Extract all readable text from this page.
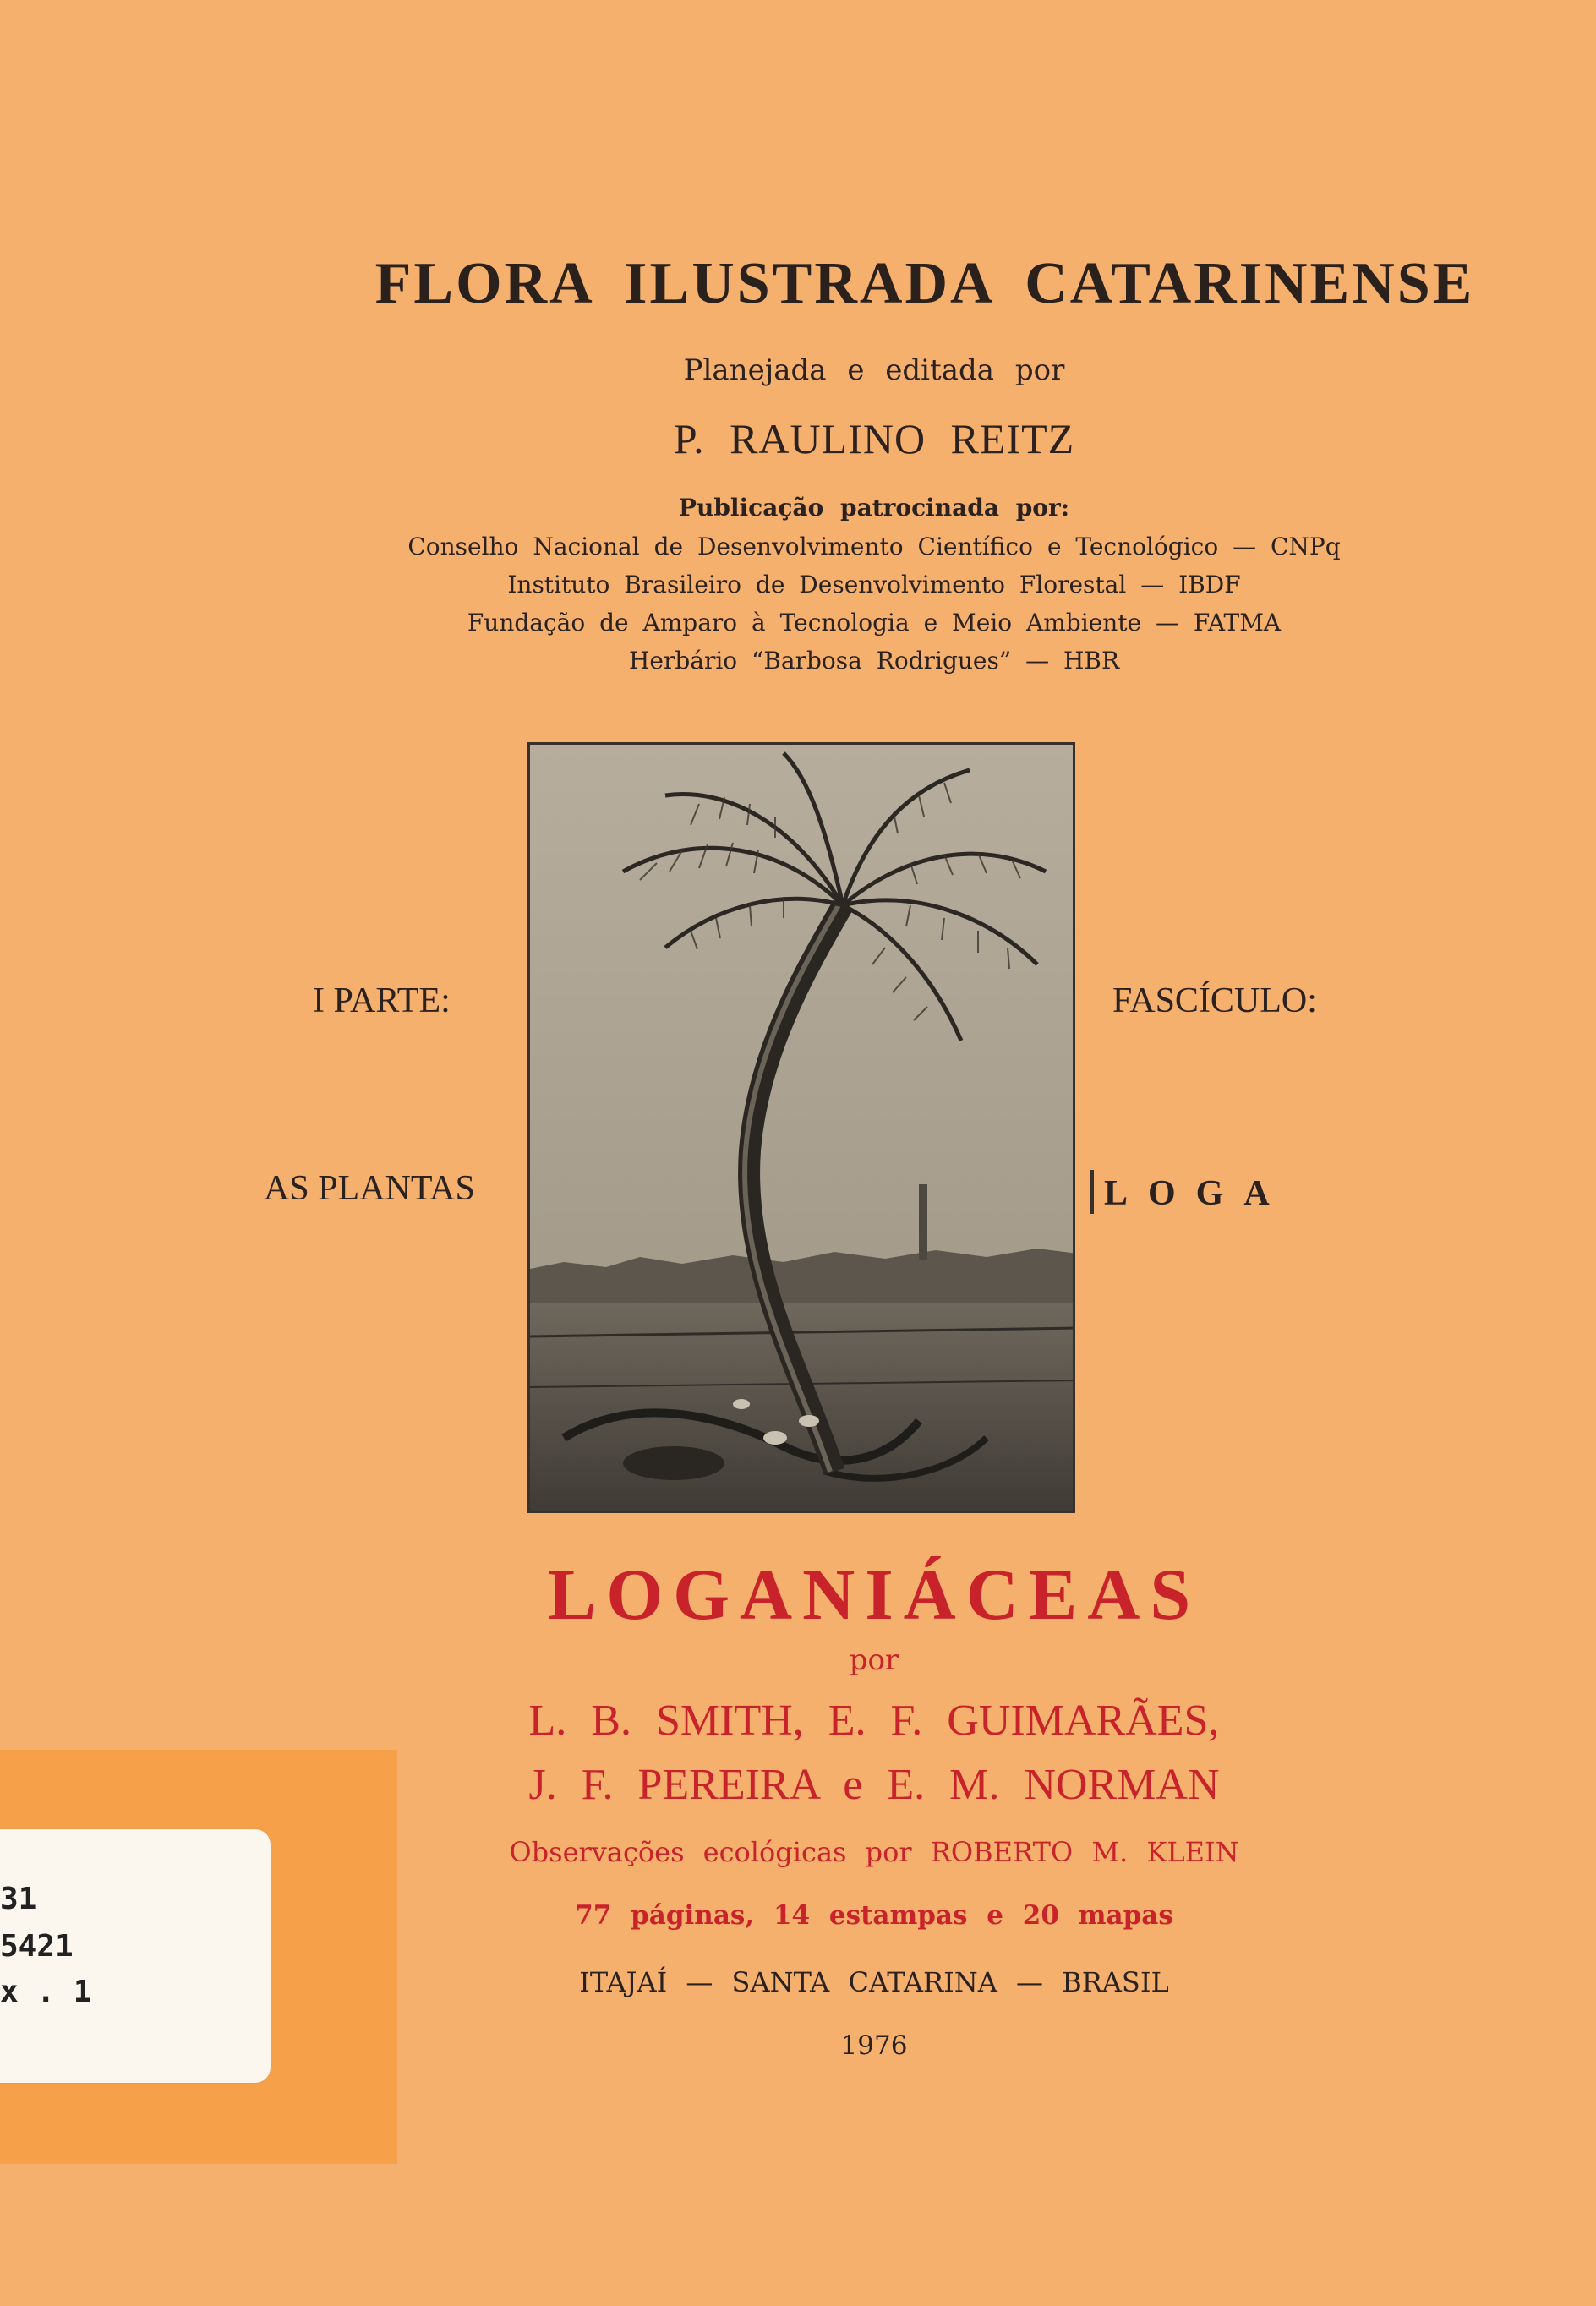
FLORA ILUSTRADA CATARINENSE
Planejada e editada por
P. RAULINO REITZ
Publicação patrocinada por:
Conselho Nacional de Desenvolvimento Científico e Tecnológico — CNPq
Instituto Brasileiro de Desenvolvimento Florestal — IBDF
Fundação de Amparo à Tecnologia e Meio Ambiente — FATMA
Herbário “Barbosa Rodrigues” — HBR
I PARTE:
AS PLANTAS
FASCÍCULO:
LOGA
LOGANIÁCEAS
por
L. B. SMITH, E. F. GUIMARÃES,
J. F. PEREIRA e E. M. NORMAN
Observações ecológicas por ROBERTO M. KLEIN
77 páginas, 14 estampas e 20 mapas
ITAJAÍ — SANTA CATARINA — BRASIL
1976
31
5421
x . 1
